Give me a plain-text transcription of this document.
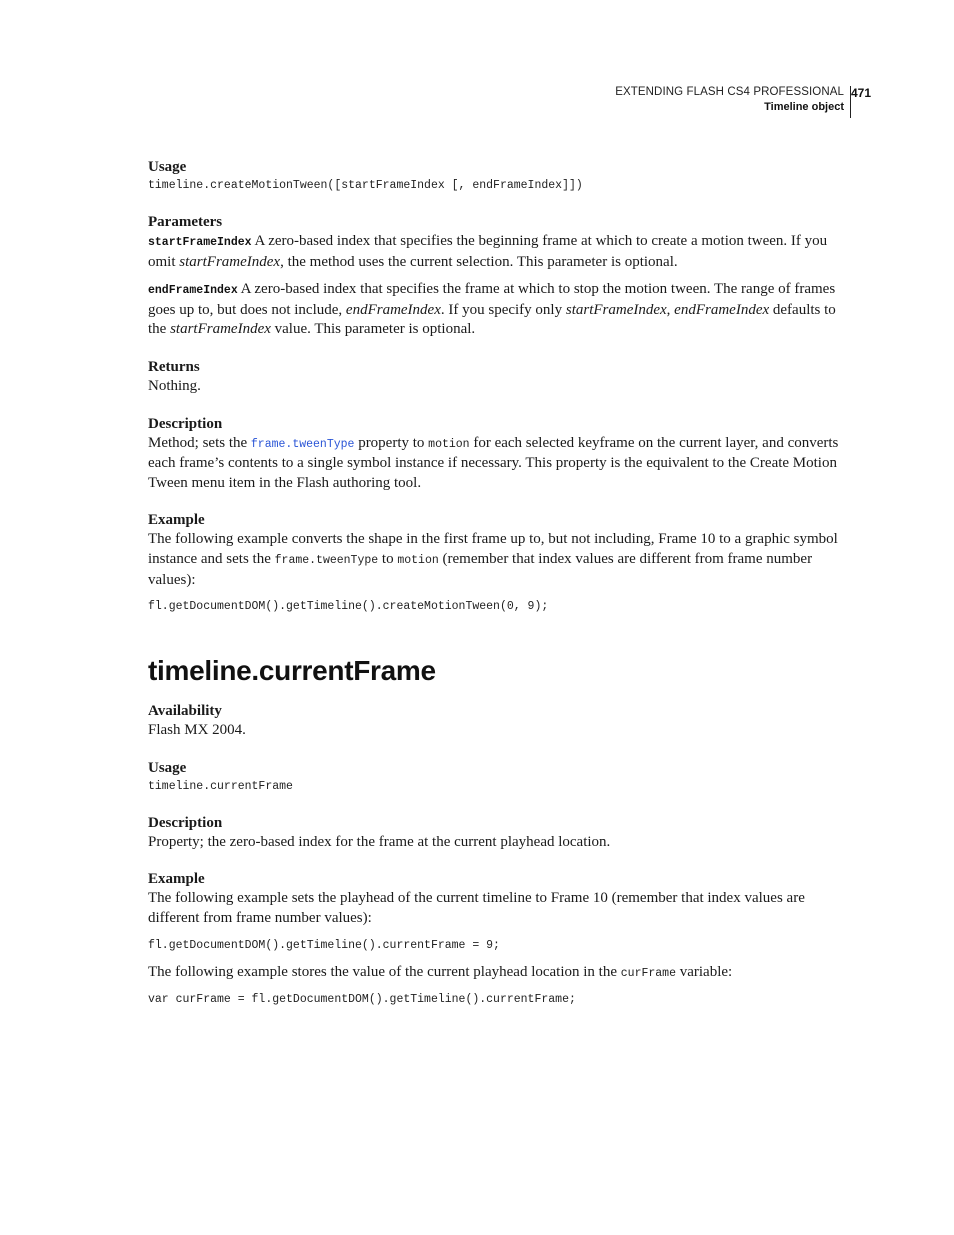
EXTENDING FLASH CS4 PROFESSIONAL
Timeline object
471
Usage
timeline.createMotionTween([startFrameIndex [, endFrameIndex]])
Parameters

startFrameIndex A zero-based index that specifies the beginning frame at which to create a motion tween. If you omit startFrameIndex, the method uses the current selection. This parameter is optional.

endFrameIndex A zero-based index that specifies the frame at which to stop the motion tween. The range of frames goes up to, but does not include, endFrameIndex. If you specify only startFrameIndex, endFrameIndex defaults to the startFrameIndex value. This parameter is optional.

Returns

Nothing.

Description

Method; sets the frame.tweenType property to motion for each selected keyframe on the current layer, and converts each frame’s contents to a single symbol instance if necessary. This property is the equivalent to the Create Motion Tween menu item in the Flash authoring tool.

Example

The following example converts the shape in the first frame up to, but not including, Frame 10 to a graphic symbol instance and sets the frame.tweenType to motion (remember that index values are different from frame number values):

fl.getDocumentDOM().getTimeline().createMotionTween(0, 9);
timeline.currentFrame
Availability

Flash MX 2004.

Usage
timeline.currentFrame
Description

Property; the zero-based index for the frame at the current playhead location.

Example

The following example sets the playhead of the current timeline to Frame 10 (remember that index values are different from frame number values):

fl.getDocumentDOM().getTimeline().currentFrame = 9;

The following example stores the value of the current playhead location in the curFrame variable:

var curFrame = fl.getDocumentDOM().getTimeline().currentFrame;
